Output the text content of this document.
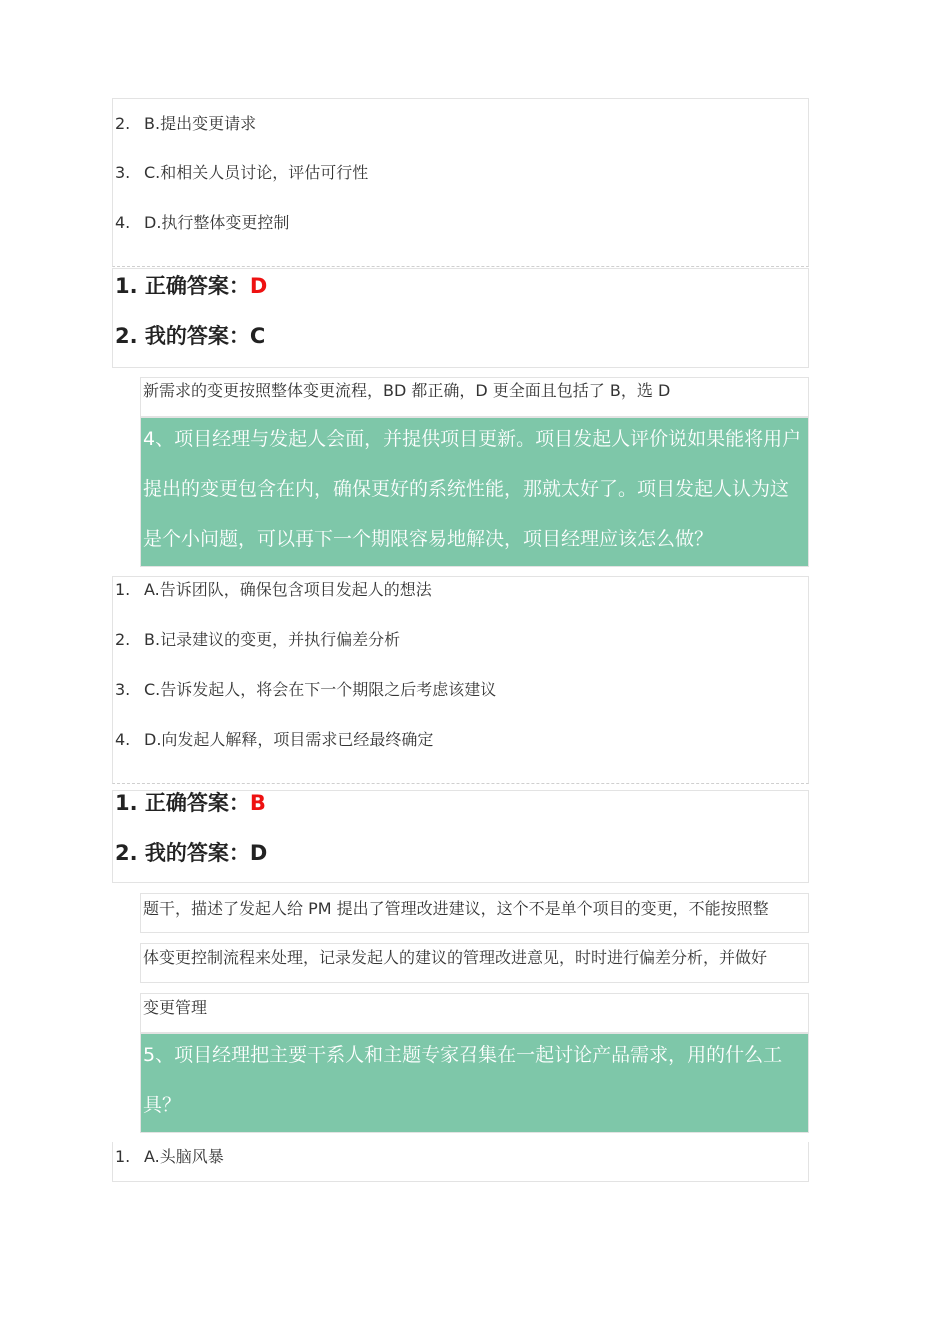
2. B.提出变更请求
3. C.和相关人员讨论，评估可行性
4. D.执行整体变更控制
1. 正确答案：D
2. 我的答案：C
新需求的变更按照整体变更流程，BD 都正确，D 更全面且包括了 B，选 D
4、项目经理与发起人会面，并提供项目更新。项目发起人评价说如果能将用户
提出的变更包含在内，确保更好的系统性能，那就太好了。项目发起人认为这
是个小问题，可以再下一个期限容易地解决，项目经理应该怎么做？
1. A.告诉团队，确保包含项目发起人的想法
2. B.记录建议的变更，并执行偏差分析
3. C.告诉发起人，将会在下一个期限之后考虑该建议
4. D.向发起人解释，项目需求已经最终确定
1. 正确答案：B
2. 我的答案：D
题干，描述了发起人给 PM 提出了管理改进建议，这个不是单个项目的变更，不能按照整
体变更控制流程来处理，记录发起人的建议的管理改进意见，时时进行偏差分析，并做好
变更管理
5、项目经理把主要干系人和主题专家召集在一起讨论产品需求，用的什么工
具？
1. A.头脑风暴
